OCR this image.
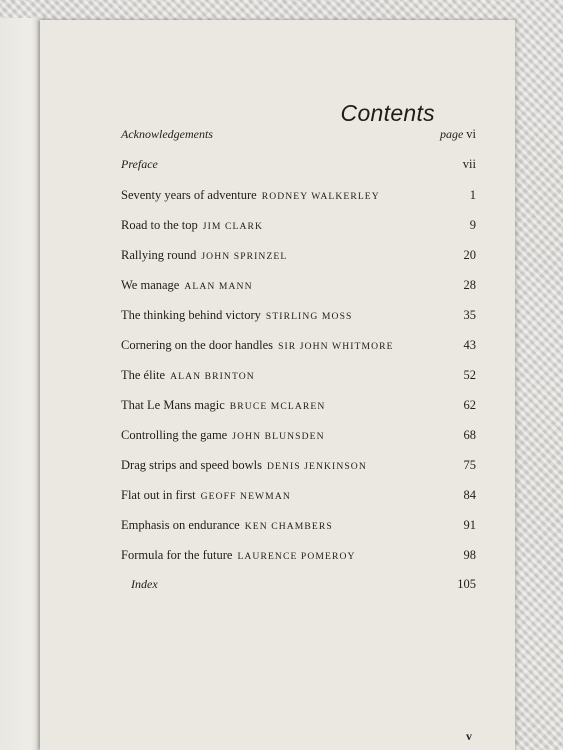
Contents
Acknowledgements	page vi
Preface	vii
Seventy years of adventure RODNEY WALKERLEY	1
Road to the top JIM CLARK	9
Rallying round JOHN SPRINZEL	20
We manage ALAN MANN	28
The thinking behind victory STIRLING MOSS	35
Cornering on the door handles SIR JOHN WHITMORE	43
The élite ALAN BRINTON	52
That Le Mans magic BRUCE MCLAREN	62
Controlling the game JOHN BLUNSDEN	68
Drag strips and speed bowls DENIS JENKINSON	75
Flat out in first GEOFF NEWMAN	84
Emphasis on endurance KEN CHAMBERS	91
Formula for the future LAURENCE POMEROY	98
Index	105
v
